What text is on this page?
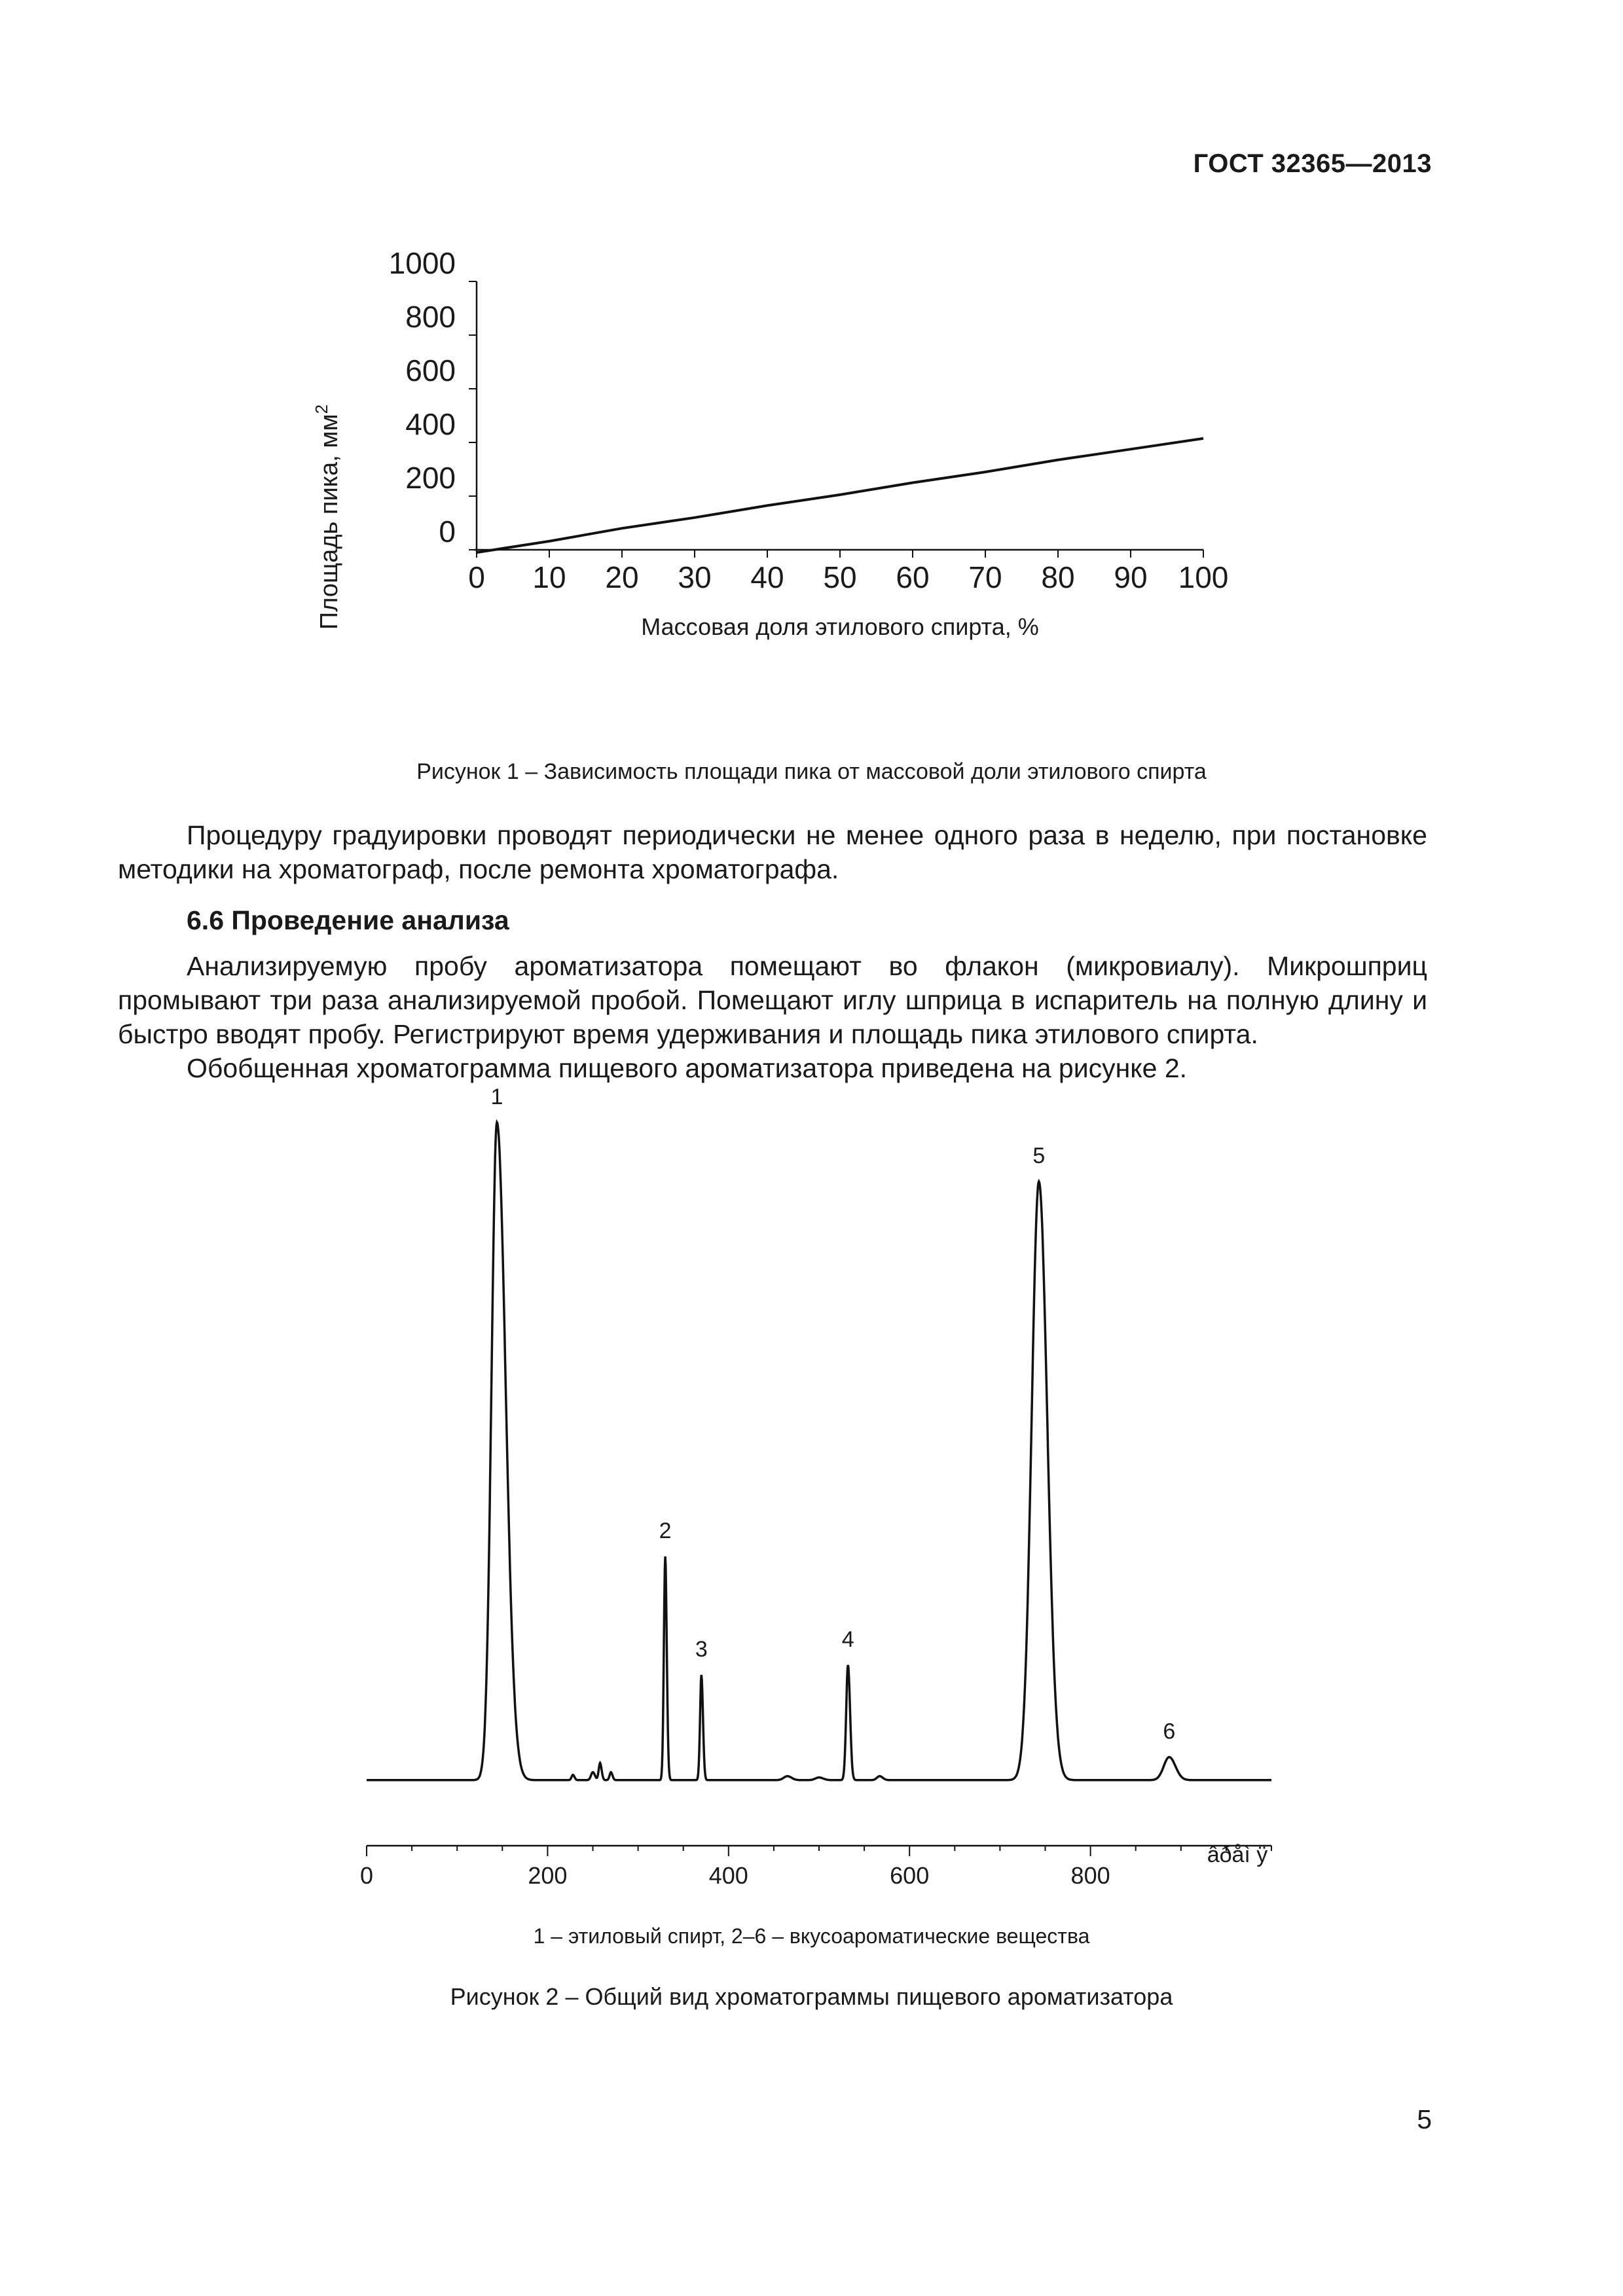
ГОСТ 32365—2013
0
200
400
600
800
1000
0 10 20 30 40 50 60 70 80 90 100
Площадь пика, $мм^2$
Массовая доля этилового спирта, %
Рисунок 1 – Зависимость площади пика от массовой доли этилового спирта
Процедуру градуировки проводят периодически не менее одного раза в неделю, при постановке методики на хроматограф, после ремонта хроматографа.
6.6 Проведение анализа
Анализируемую пробу ароматизатора помещают во флакон (микровиалу). Микрошприц промывают три раза анализируемой пробой. Помещают иглу шприца в испаритель на полную длину и быстро вводят пробу. Регистрируют время удерживания и площадь пика этилового спирта.
Обобщенная хроматограмма пищевого ароматизатора приведена на рисунке 2.
1
2
3	4
5
6
0	200	400	600	800
âðåì ÿ
1 – этиловый спирт, 2–6 – вкусоароматические вещества
Рисунок 2 – Общий вид хроматограммы пищевого ароматизатора
5
